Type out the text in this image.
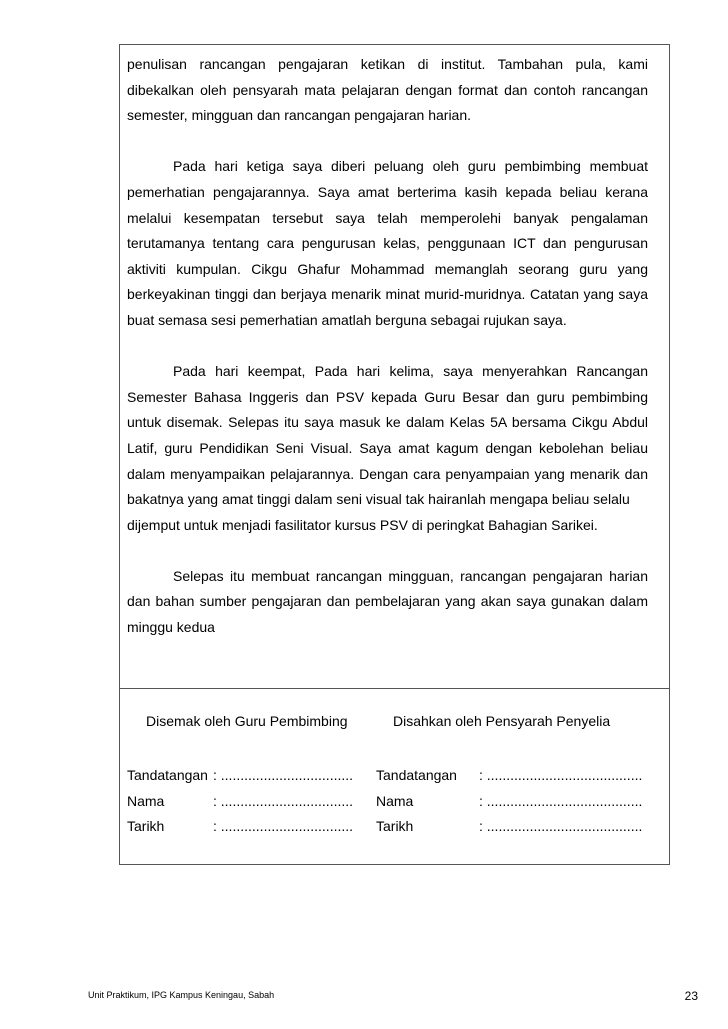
penulisan rancangan pengajaran ketikan di institut. Tambahan pula, kami dibekalkan oleh pensyarah mata pelajaran dengan format dan contoh rancangan semester, mingguan dan rancangan pengajaran harian.

Pada hari ketiga saya diberi peluang oleh guru pembimbing membuat pemerhatian pengajarannya. Saya amat berterima kasih kepada beliau kerana melalui kesempatan tersebut saya telah memperolehi banyak pengalaman terutamanya tentang cara pengurusan kelas, penggunaan ICT dan pengurusan aktiviti kumpulan. Cikgu Ghafur Mohammad memanglah seorang guru yang berkeyakinan tinggi dan berjaya menarik minat murid-muridnya. Catatan yang saya buat semasa sesi pemerhatian amatlah berguna sebagai rujukan saya.

Pada hari keempat, Pada hari kelima, saya menyerahkan Rancangan Semester Bahasa Inggeris dan PSV kepada Guru Besar dan guru pembimbing untuk disemak. Selepas itu saya masuk ke dalam Kelas 5A bersama Cikgu Abdul Latif, guru Pendidikan Seni Visual. Saya amat kagum dengan kebolehan beliau dalam menyampaikan pelajarannya. Dengan cara penyampaian yang menarik dan bakatnya yang amat tinggi dalam seni visual tak hairanlah mengapa beliau selalu

dijemput untuk menjadi fasilitator kursus PSV di peringkat Bahagian Sarikei.

Selepas itu membuat rancangan mingguan, rancangan pengajaran harian dan bahan sumber pengajaran dan pembelajaran yang akan saya gunakan dalam minggu kedua

Disemak oleh Guru Pembimbing	Disahkan oleh Pensyarah Penyelia
Tandatangan : .................................. Tandatangan : ........................................
Nama	: .................................. Nama	: ........................................
Tarikh	: .................................. Tarikh	: ........................................
Unit Praktikum, IPG Kampus Keningau, Sabah	23
